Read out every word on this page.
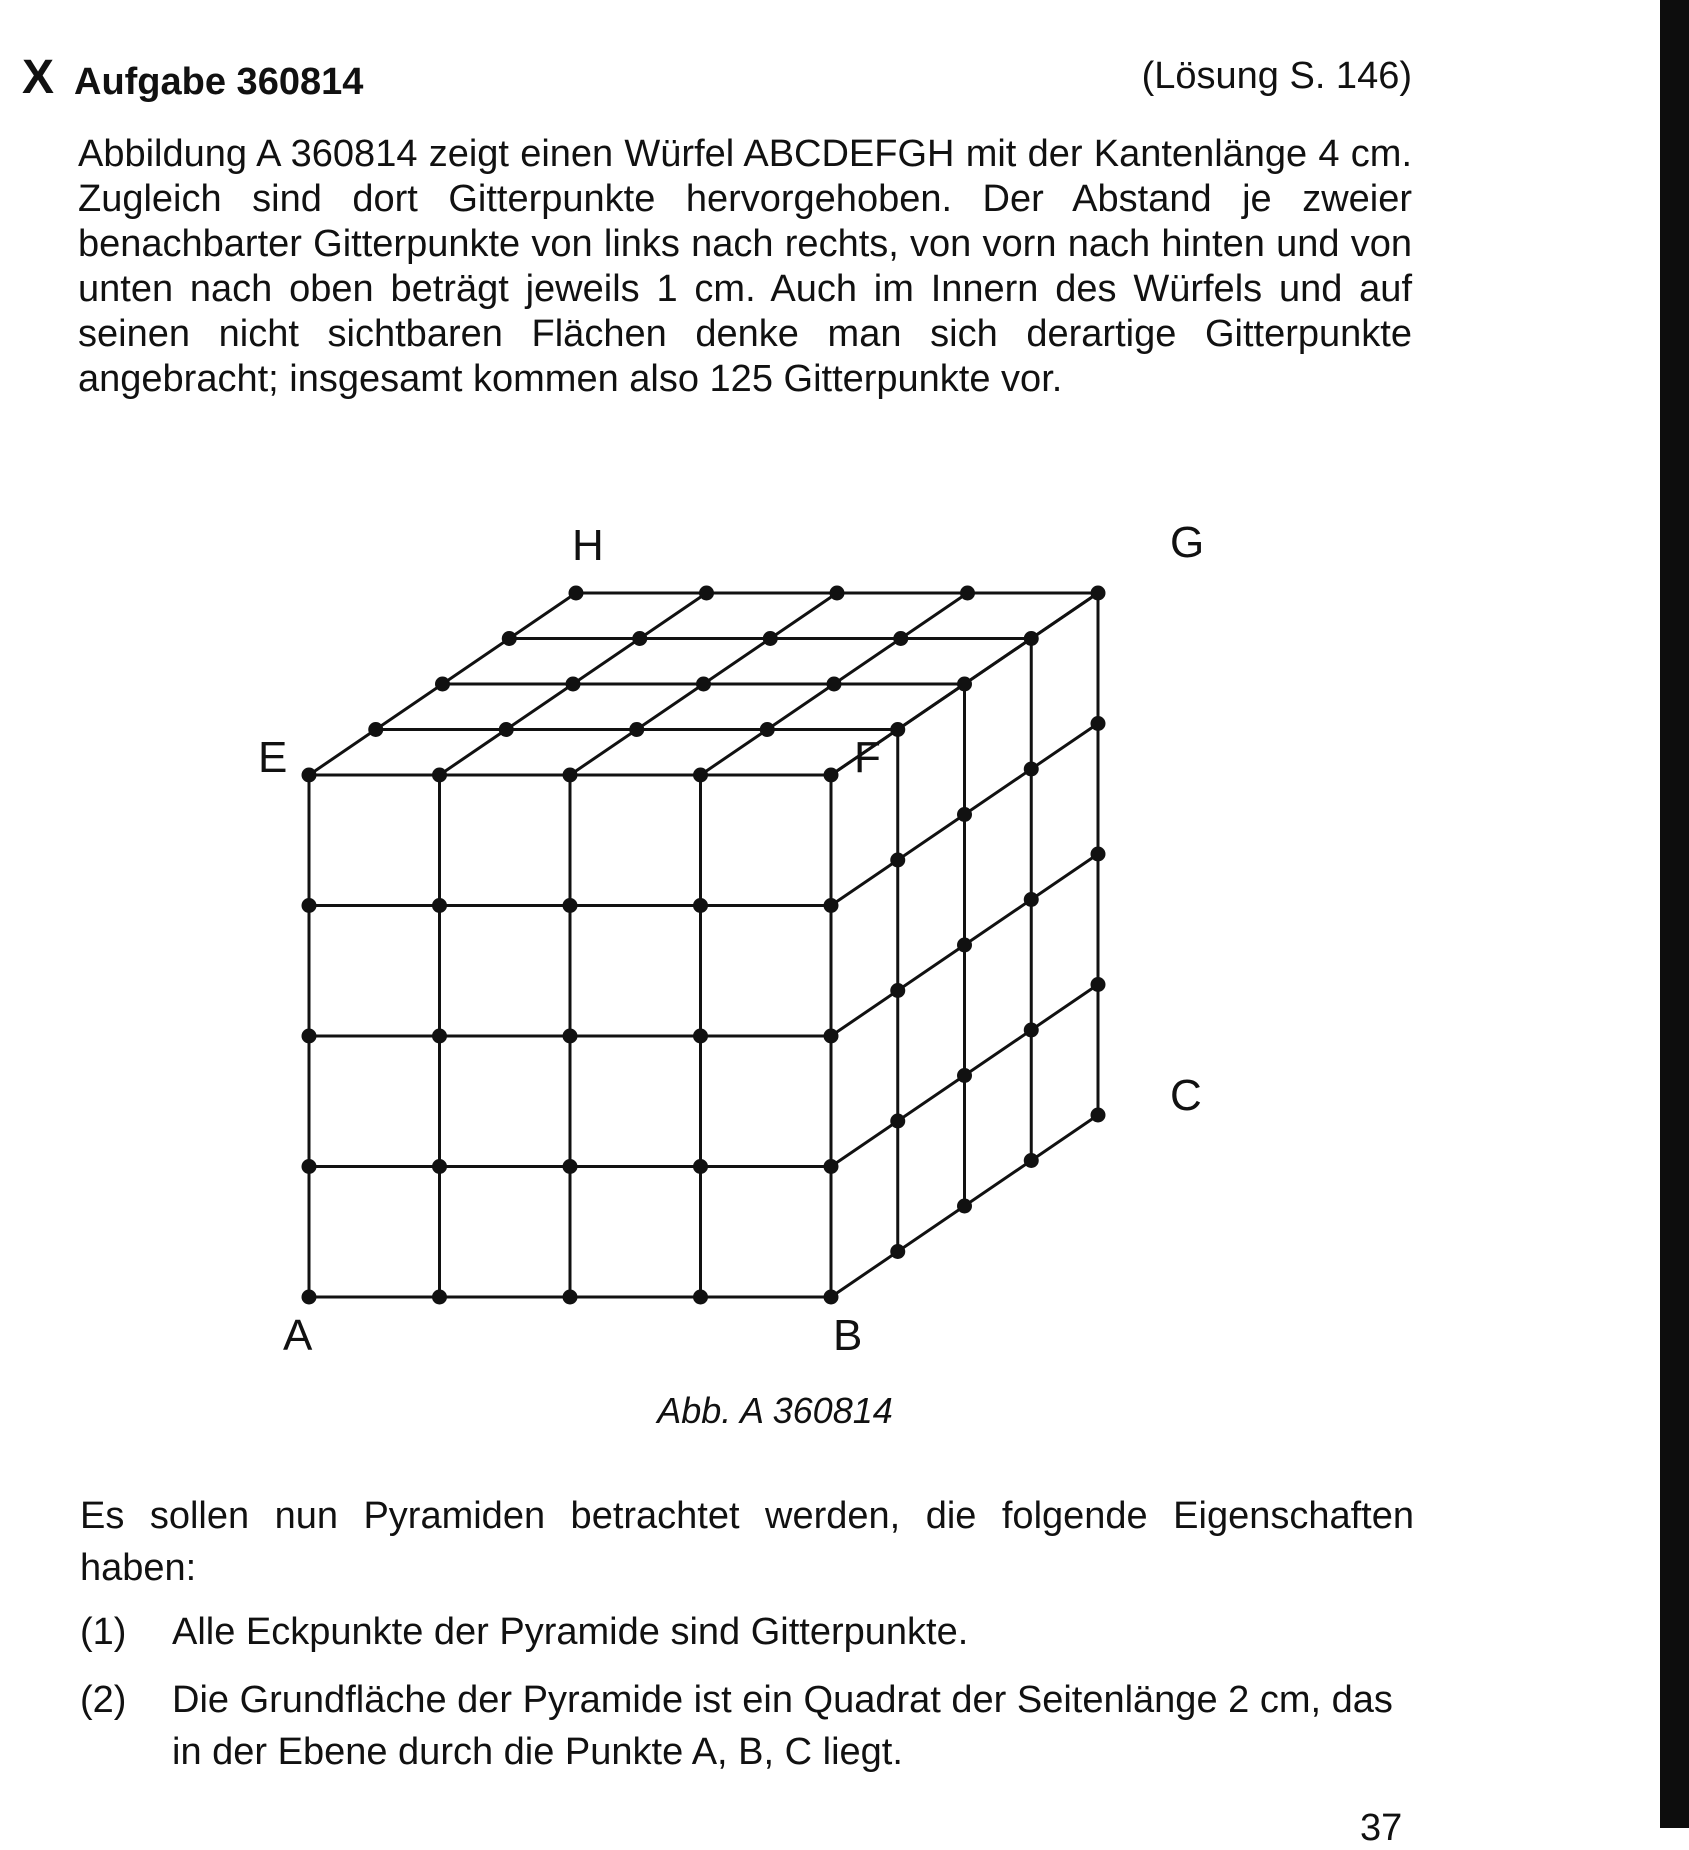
X Aufgabe 360814	(Lösung S. 146)

Abbildung A 360814 zeigt einen Würfel ABCDEFGH mit der Kantenlänge 4 cm. Zugleich sind dort Gitterpunkte hervorgehoben. Der Abstand je zweier benachbarter Gitterpunkte von links nach rechts, von vorn nach hinten und von unten nach oben beträgt jeweils 1 cm. Auch im Innern des Würfels und auf seinen nicht sichtbaren Flächen denke man sich derartige Gitterpunkte angebracht; insgesamt kommen also 125 Gitterpunkte vor.

A	B
C
E	F
G
H
Abb. A 360814

Es sollen nun Pyramiden betrachtet werden, die folgende Eigenschaften haben:

(1) Alle Eckpunkte der Pyramide sind Gitterpunkte.
(2) Die Grundfläche der Pyramide ist ein Quadrat der Seitenlänge 2 cm, das in der Ebene durch die Punkte A, B, C liegt.
37
